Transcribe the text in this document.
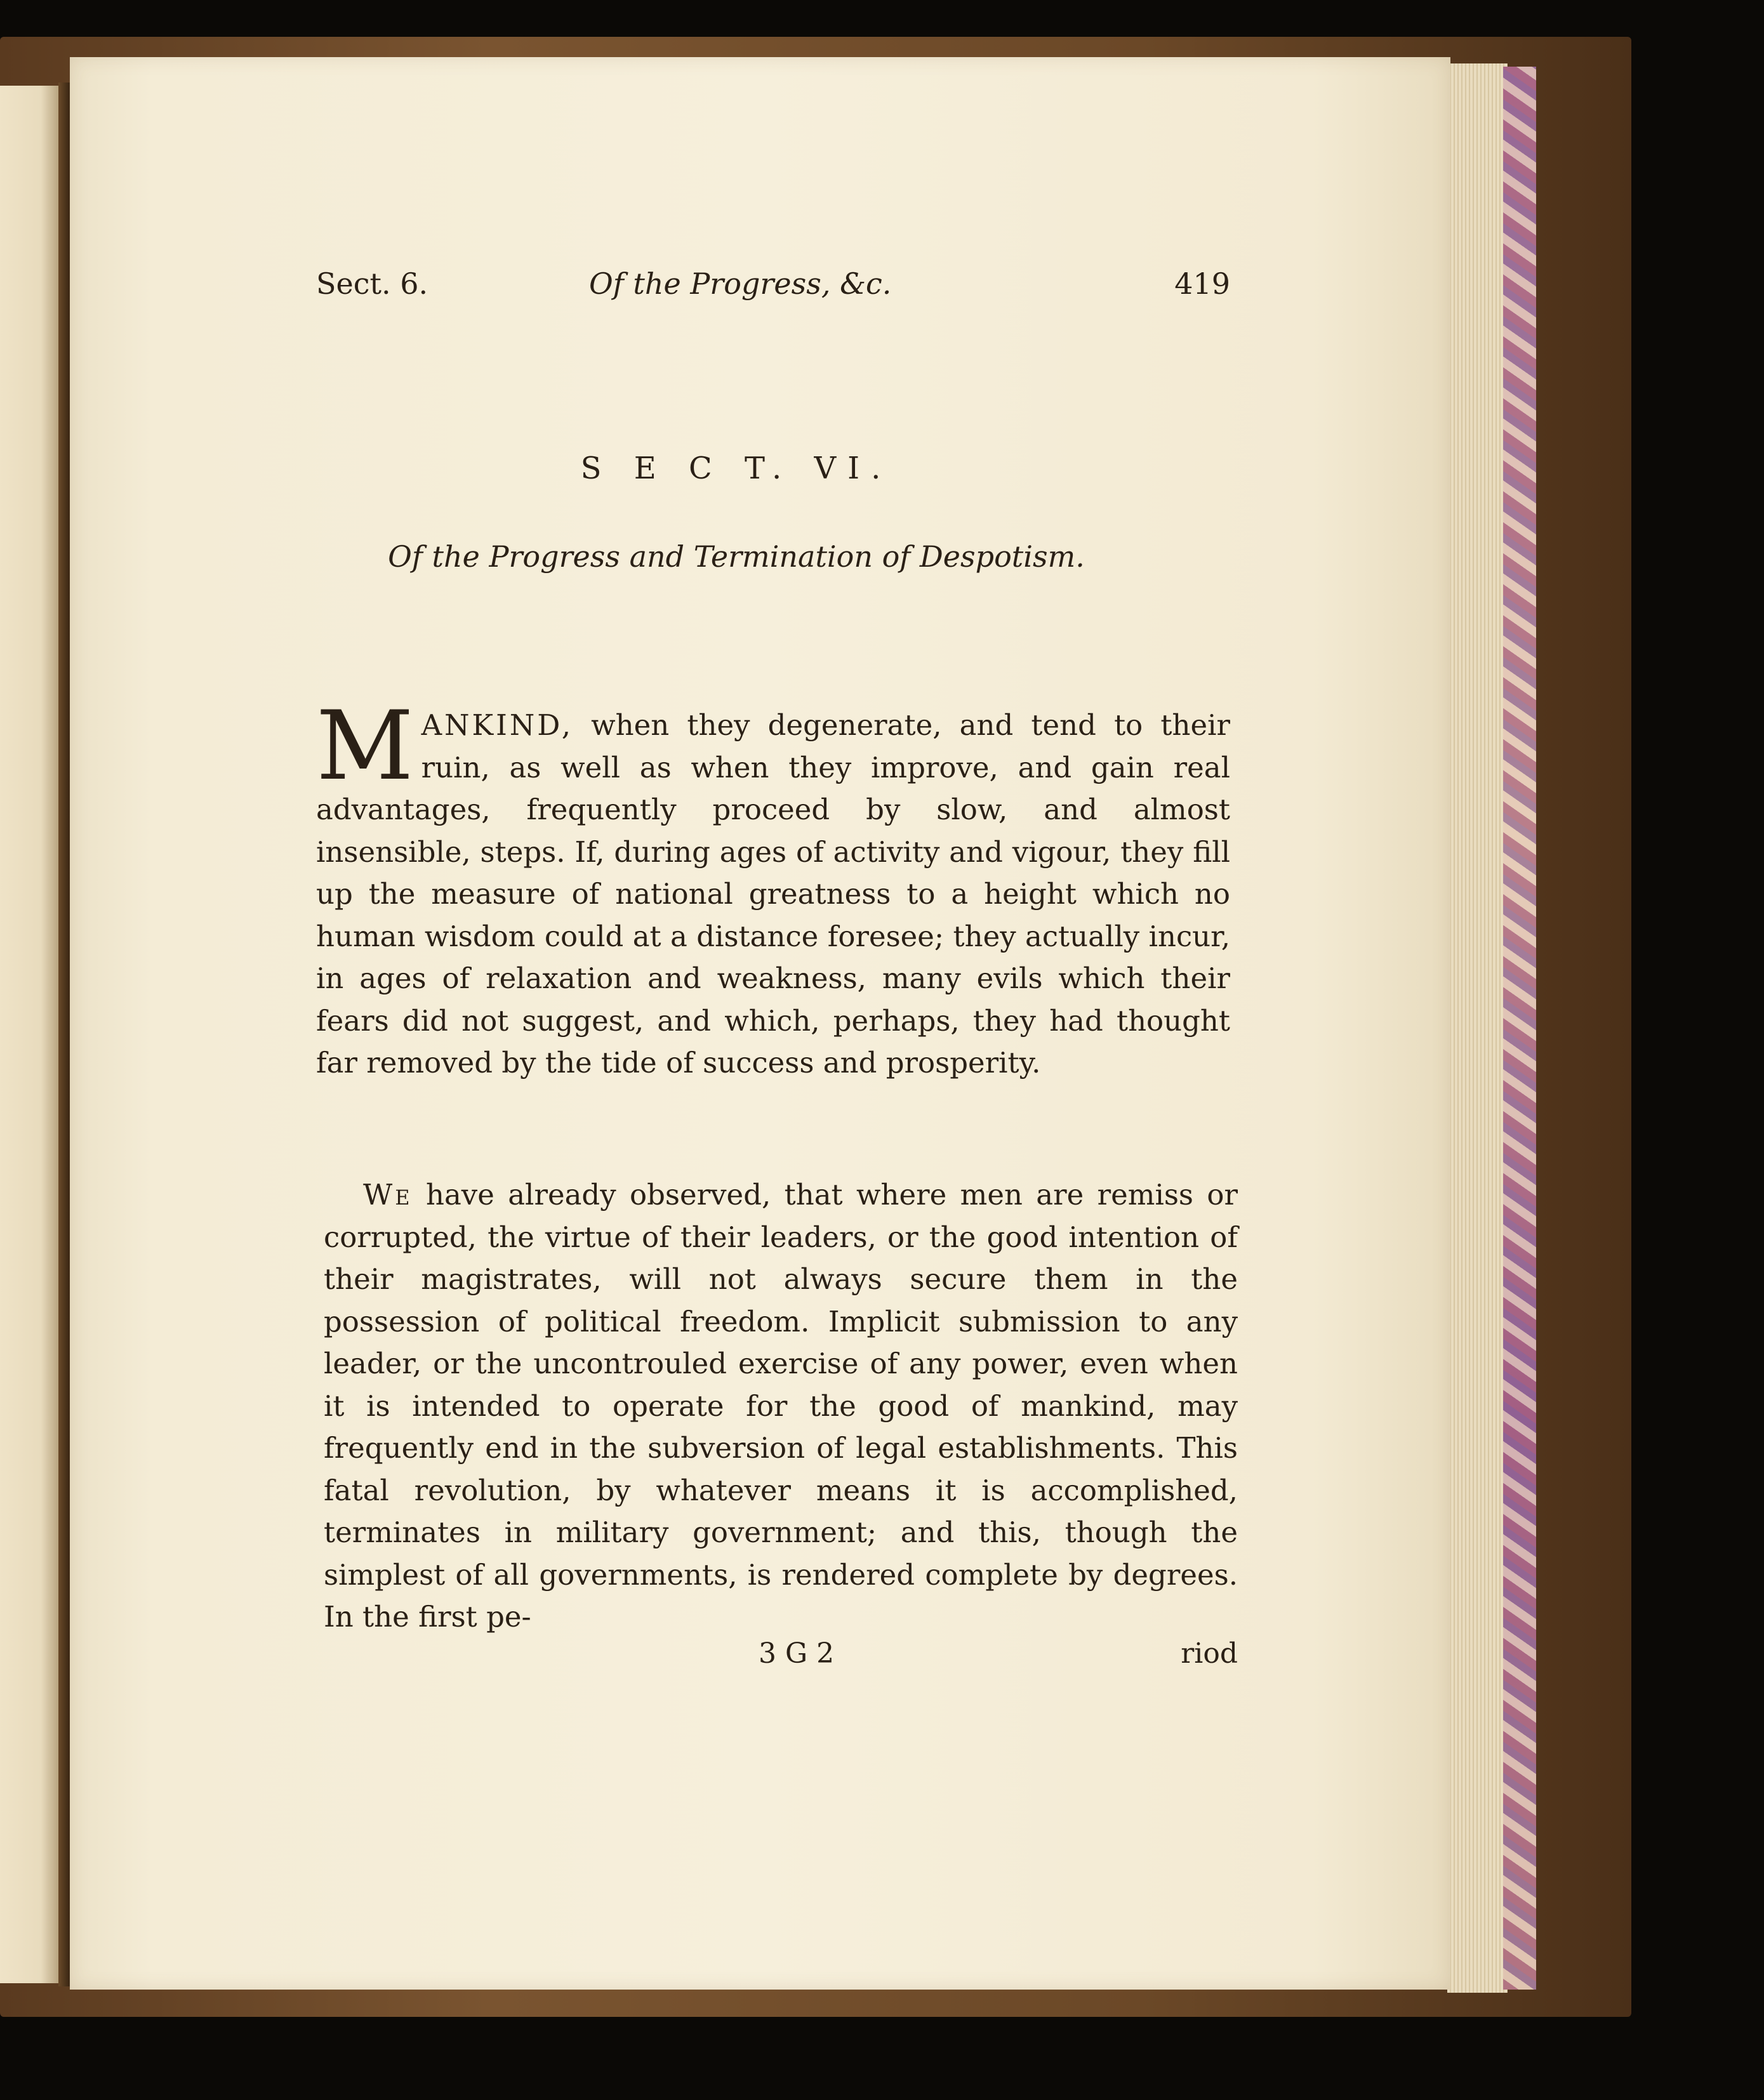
Sect. 6.	Of the Progress, &c.	419
S E C T. VI.
Of the Progress and Termination of Despotism.
MANKIND, when they degenerate, and tend to their ruin, as well as when they improve, and gain real advantages, frequently proceed by slow, and almost insensible, steps. If, during ages of activity and vigour, they fill up the measure of national greatness to a height which no human wisdom could at a distance foresee; they actually incur, in ages of relaxation and weakness, many evils which their fears did not suggest, and which, perhaps, they had thought far removed by the tide of success and prosperity.
We have already observed, that where men are remiss or corrupted, the virtue of their leaders, or the good intention of their magistrates, will not always secure them in the possession of political freedom. Implicit submission to any leader, or the uncontrouled exercise of any power, even when it is intended to operate for the good of mankind, may frequently end in the subversion of legal establishments. This fatal revolution, by whatever means it is accomplished, terminates in military government; and this, though the simplest of all governments, is rendered complete by degrees. In the first pe-
3 G 2	riod
